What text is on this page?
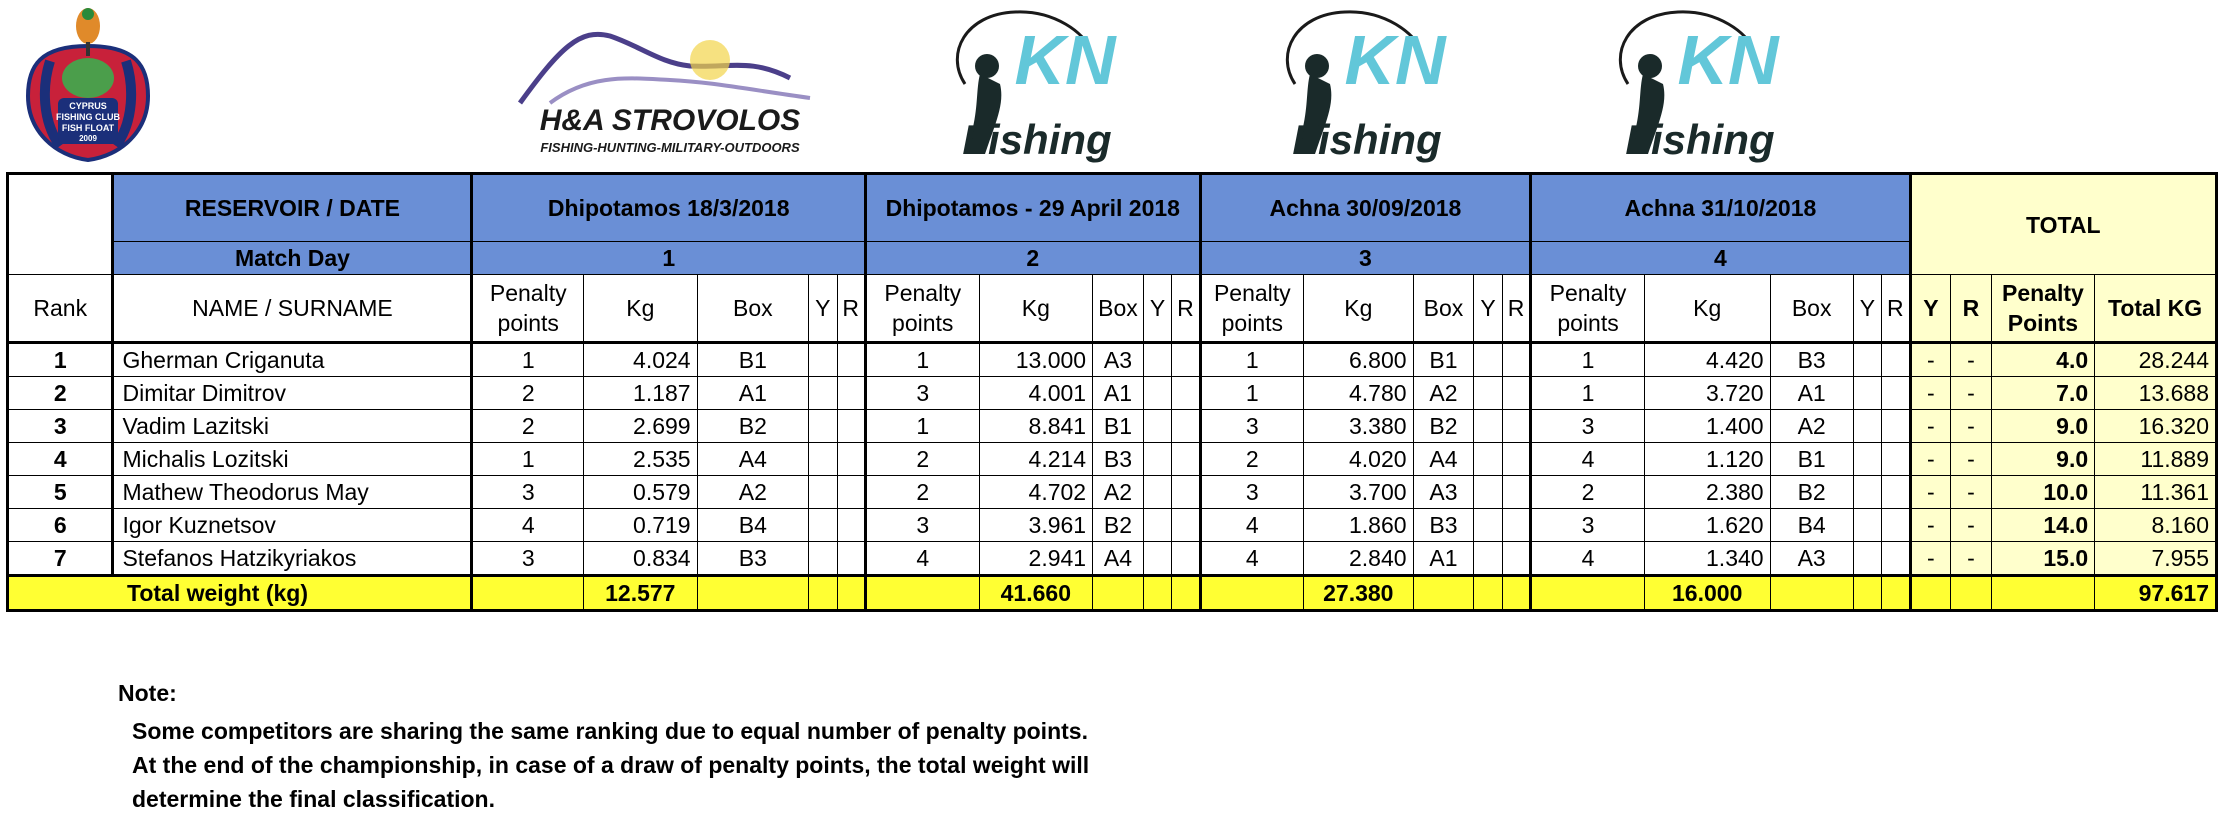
CYPRUS
FISHING CLUB
FISH FLOAT
2009
H&A STROVOLOS
FISHING-HUNTING-MILITARY-OUTDOORS
KN
Fishing
KN
Fishing
KN
Fishing
	RESERVOIR / DATE	Dhipotamos 18/3/2018					Dhipotamos - 29 April 2018					Achna 30/09/2018					Achna 31/10/2018					TOTAL			
	Match Day	1					2					3					4								
Rank	NAME / SURNAME	Penalty points	Kg	Box	Y	R	Penalty points	Kg	Box	Y	R	Penalty points	Kg	Box	Y	R	Penalty points	Kg	Box	Y	R	Y	R	Penalty Points	Total KG
1	Gherman Criganuta	1	4.024	B1			1	13.000	A3			1	6.800	B1			1	4.420	B3			-	-	4.0	28.244
2	Dimitar Dimitrov	2	1.187	A1			3	4.001	A1			1	4.780	A2			1	3.720	A1			-	-	7.0	13.688
3	Vadim Lazitski	2	2.699	B2			1	8.841	B1			3	3.380	B2			3	1.400	A2			-	-	9.0	16.320
4	Michalis Lozitski	1	2.535	A4			2	4.214	B3			2	4.020	A4			4	1.120	B1			-	-	9.0	11.889
5	Mathew Theodorus May	3	0.579	A2			2	4.702	A2			3	3.700	A3			2	2.380	B2			-	-	10.0	11.361
6	Igor Kuznetsov	4	0.719	B4			3	3.961	B2			4	1.860	B3			3	1.620	B4			-	-	14.0	8.160
7	Stefanos Hatzikyriakos	3	0.834	B3			4	2.941	A4			4	2.840	A1			4	1.340	A3			-	-	15.0	7.955
Total weight (kg)			12.577					41.660					27.380					16.000							97.617
Note:
Some competitors are sharing the same ranking due to equal number of penalty points.
At the end of the championship, in case of a draw of penalty points, the total weight will
determine the final classification.
